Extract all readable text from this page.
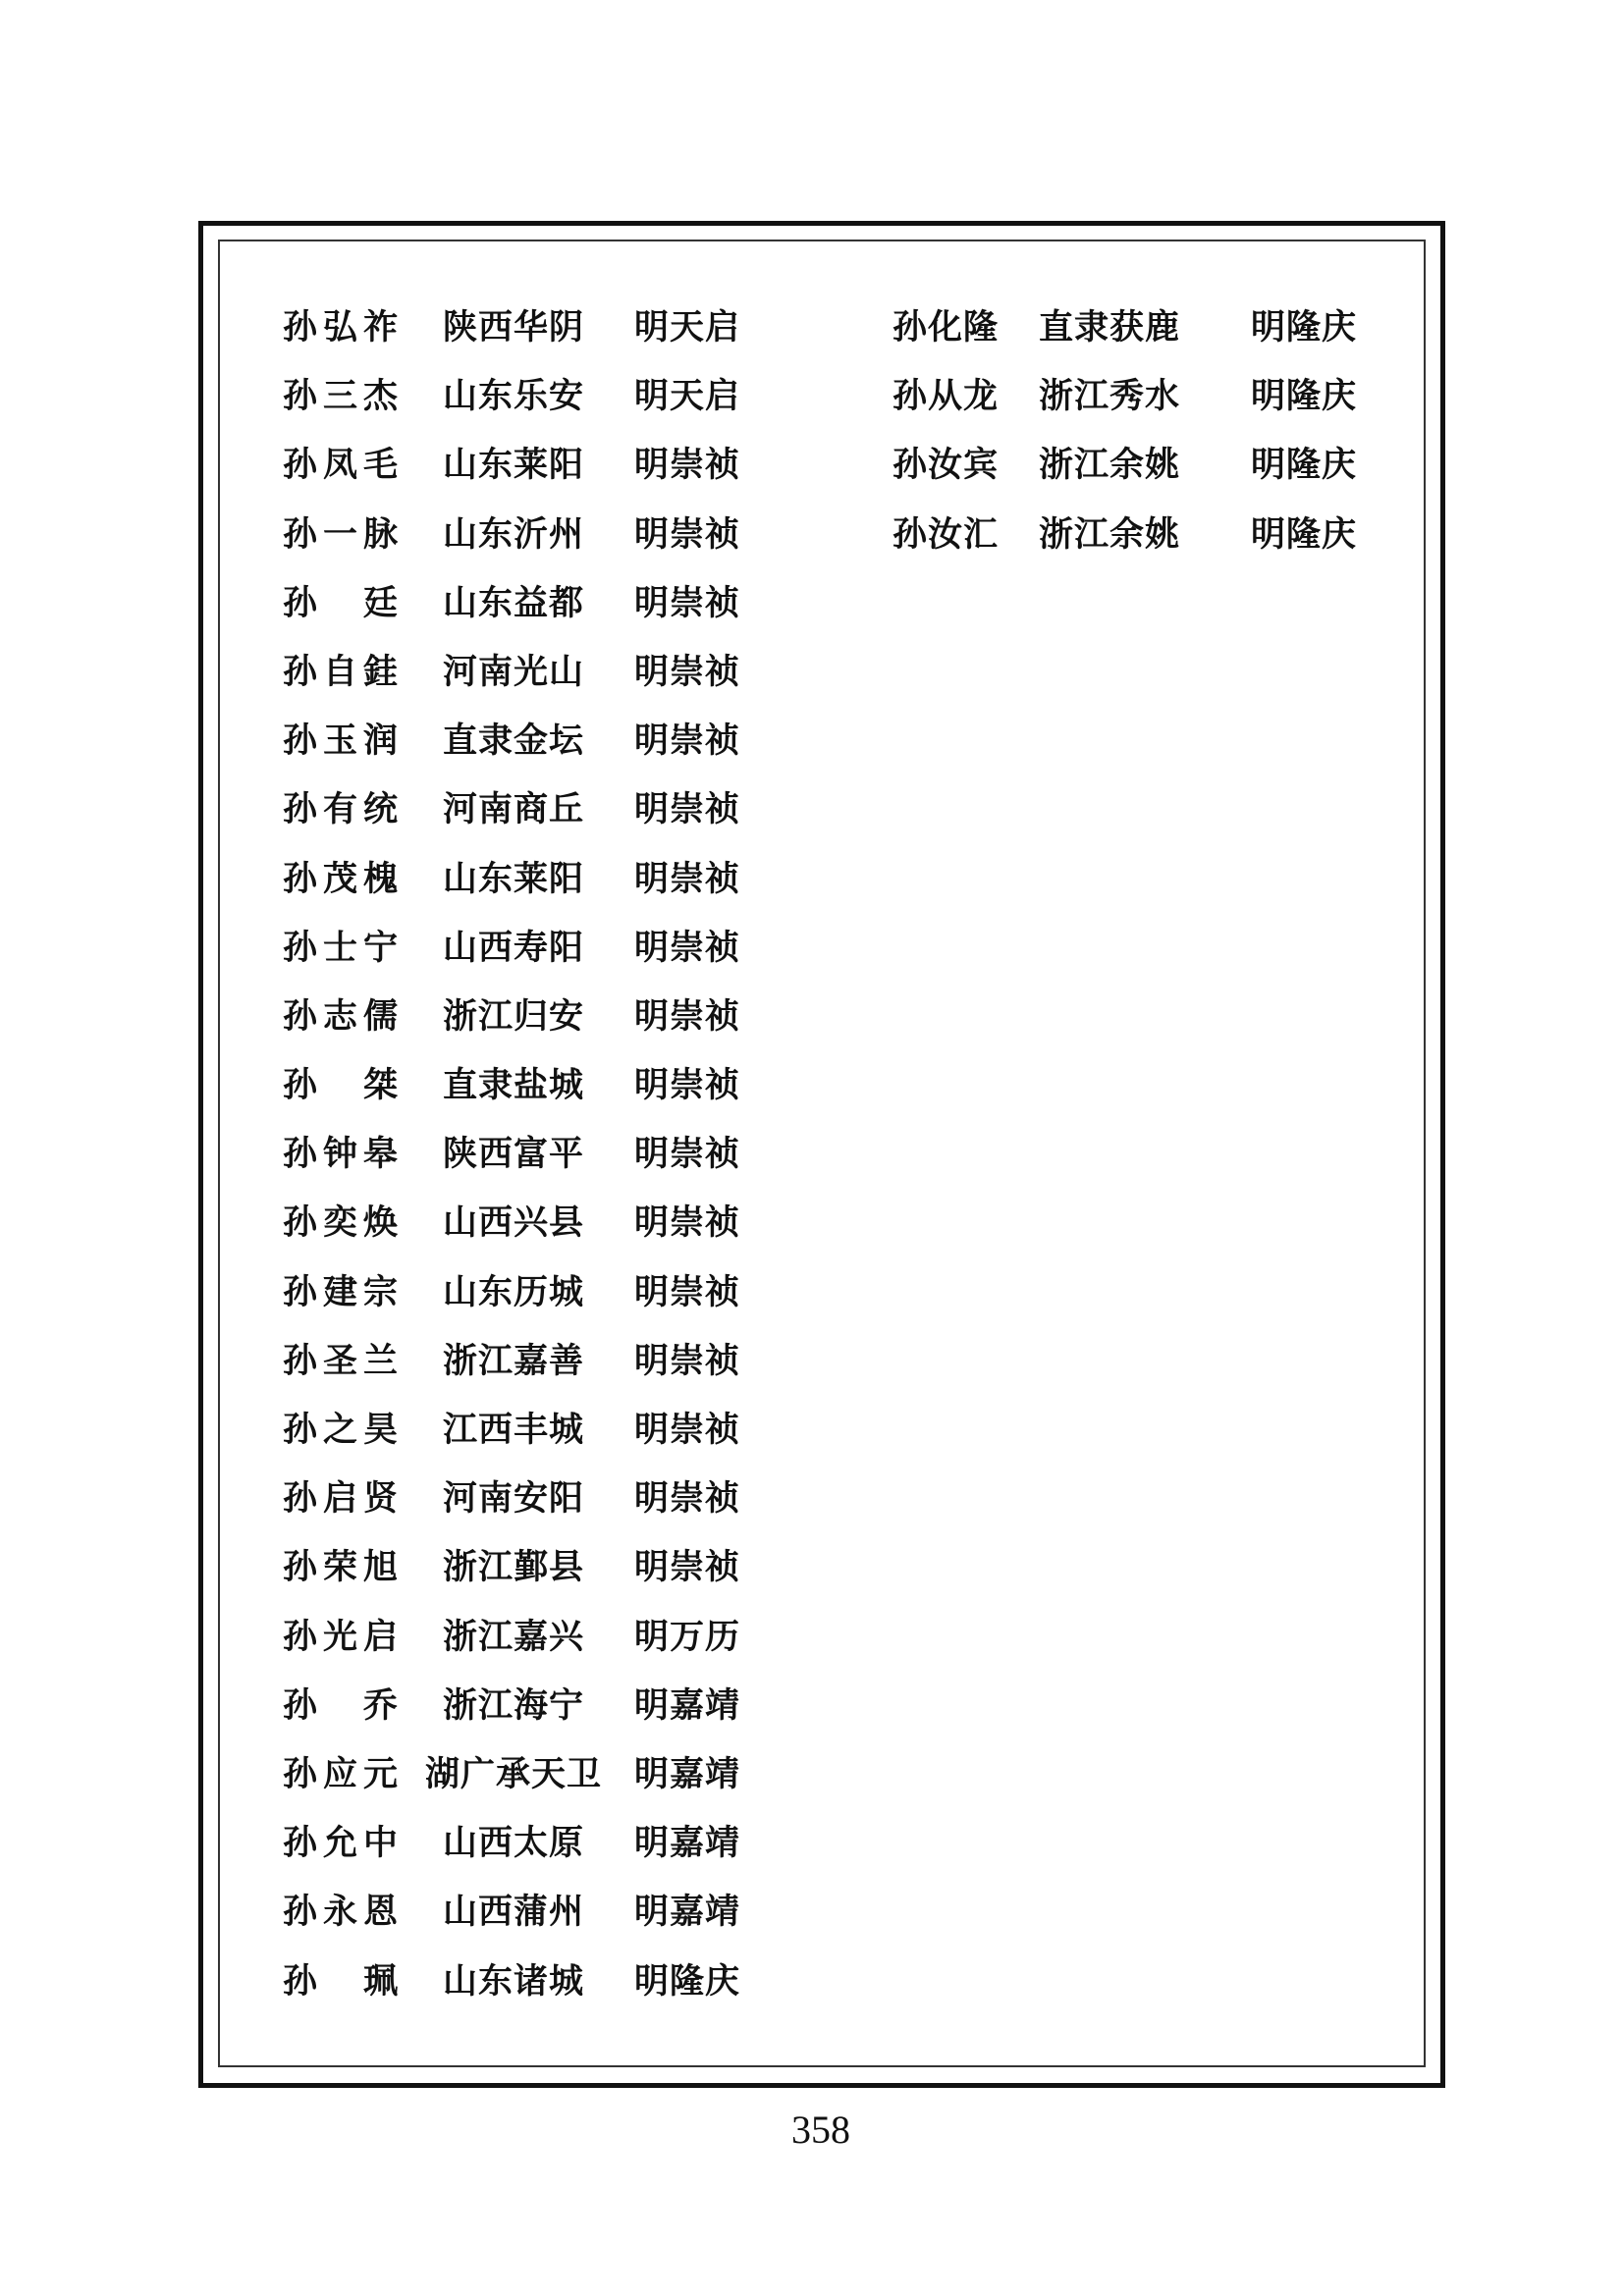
孙弘祚	陕西华阴	明天启
孙三杰	山东乐安	明天启
孙凤毛	山东莱阳	明崇祯
孙一脉	山东沂州	明崇祯
孙　廷	山东益都	明崇祯
孙自銈	河南光山	明崇祯
孙玉润	直隶金坛	明崇祯
孙有统	河南商丘	明崇祯
孙茂槐	山东莱阳	明崇祯
孙士宁	山西寿阳	明崇祯
孙志儒	浙江归安	明崇祯
孙　桀	直隶盐城	明崇祯
孙钟皋	陕西富平	明崇祯
孙奕焕	山西兴县	明崇祯
孙建宗	山东历城	明崇祯
孙圣兰	浙江嘉善	明崇祯
孙之昊	江西丰城	明崇祯
孙启贤	河南安阳	明崇祯
孙荣旭	浙江鄞县	明崇祯
孙光启	浙江嘉兴	明万历
孙　乔	浙江海宁	明嘉靖
孙应元 湖广承天卫 明嘉靖
孙允中	山西太原	明嘉靖
孙永恩	山西蒲州	明嘉靖
孙　珮	山东诸城	明隆庆
孙化隆 直隶获鹿 明隆庆
孙从龙 浙江秀水 明隆庆
孙汝宾 浙江余姚 明隆庆
孙汝汇 浙江余姚 明隆庆
358
